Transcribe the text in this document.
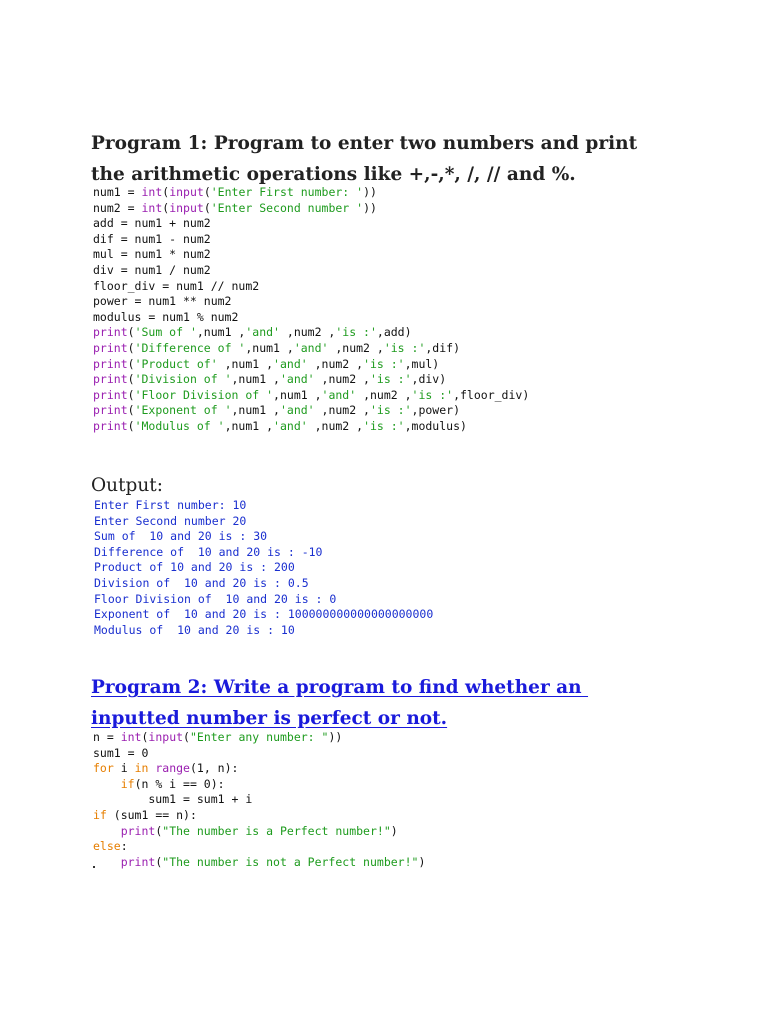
Program 1: Program to enter two numbers and print
the arithmetic operations like +,-,*, /, // and %.
num1 = int(input('Enter First number: '))
num2 = int(input('Enter Second number '))
add = num1 + num2
dif = num1 - num2
mul = num1 * num2
div = num1 / num2
floor_div = num1 // num2
power = num1 ** num2
modulus = num1 % num2
print('Sum of ',num1 ,'and' ,num2 ,'is :',add)
print('Difference of ',num1 ,'and' ,num2 ,'is :',dif)
print('Product of' ,num1 ,'and' ,num2 ,'is :',mul)
print('Division of ',num1 ,'and' ,num2 ,'is :',div)
print('Floor Division of ',num1 ,'and' ,num2 ,'is :',floor_div)
print('Exponent of ',num1 ,'and' ,num2 ,'is :',power)
print('Modulus of ',num1 ,'and' ,num2 ,'is :',modulus)
Output:
Enter First number: 10
Enter Second number 20
Sum of  10 and 20 is : 30
Difference of  10 and 20 is : -10
Product of 10 and 20 is : 200
Division of  10 and 20 is : 0.5
Floor Division of  10 and 20 is : 0
Exponent of  10 and 20 is : 100000000000000000000
Modulus of  10 and 20 is : 10
Program 2: Write a program to find whether an
inputted number is perfect or not.
n = int(input("Enter any number: "))
sum1 = 0
for i in range(1, n):
if(n % i == 0):
sum1 = sum1 + i
if (sum1 == n):
print("The number is a Perfect number!")
else:
print("The number is not a Perfect number!")
